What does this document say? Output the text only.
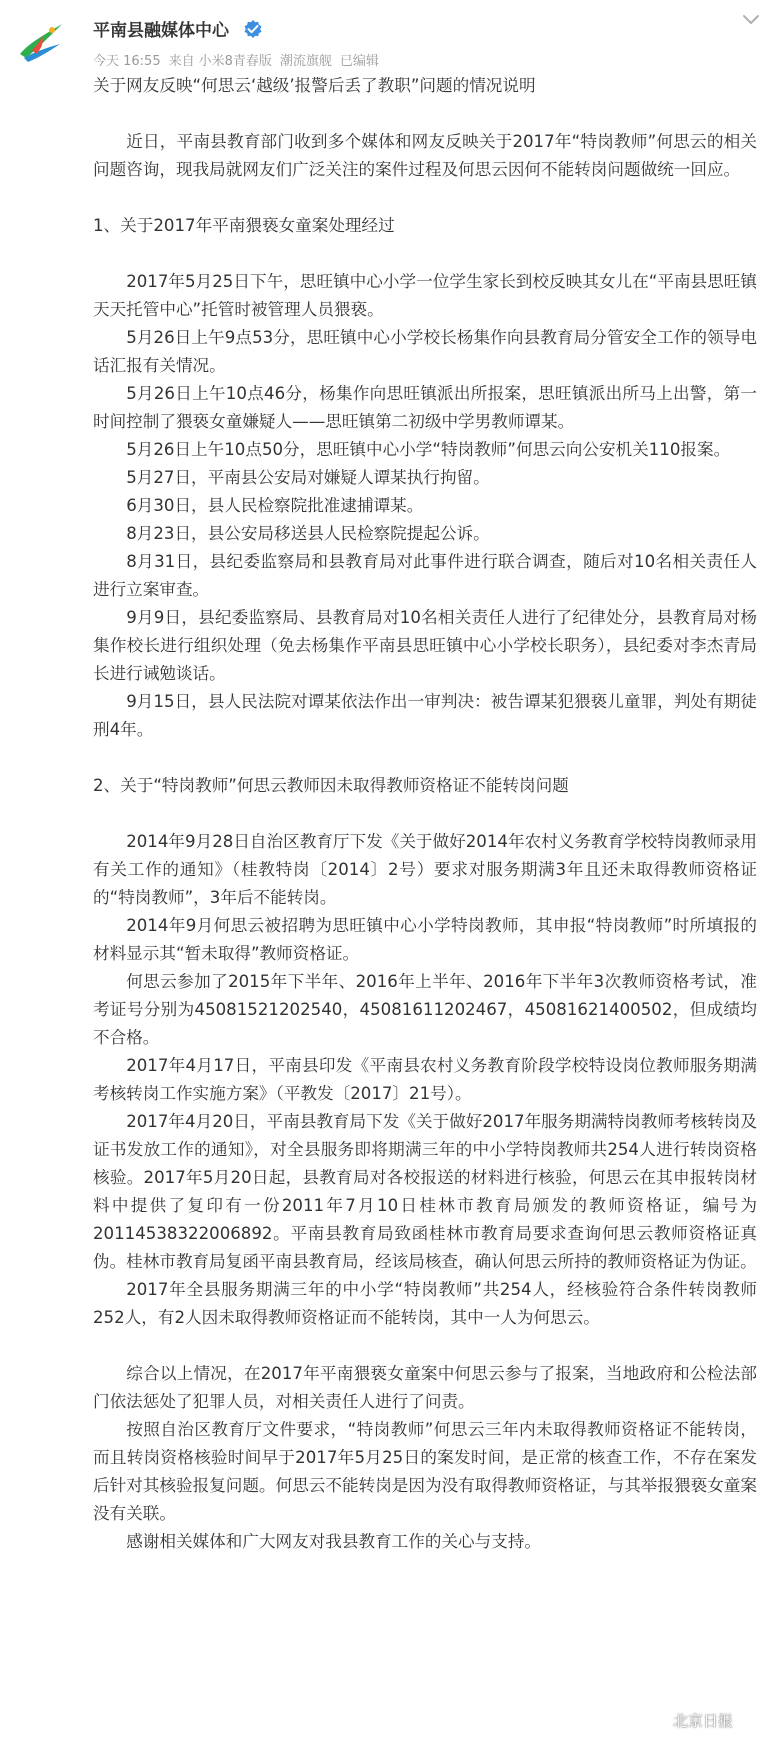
平南县融媒体中心
今天 16:55 来自 小米8青春版 潮流旗舰 已编辑

关于网友反映“何思云‘越级’报警后丢了教职”问题的情况说明

近日，平南县教育部门收到多个媒体和网友反映关于2017年“特岗教师”何思云的相关问题咨询，现我局就网友们广泛关注的案件过程及何思云因何不能转岗问题做统一回应。

1、关于2017年平南猥亵女童案处理经过

2017年5月25日下午，思旺镇中心小学一位学生家长到校反映其女儿在“平南县思旺镇天天托管中心”托管时被管理人员猥亵。

5月26日上午9点53分，思旺镇中心小学校长杨集作向县教育局分管安全工作的领导电话汇报有关情况。

5月26日上午10点46分，杨集作向思旺镇派出所报案，思旺镇派出所马上出警，第一时间控制了猥亵女童嫌疑人——思旺镇第二初级中学男教师谭某。

5月26日上午10点50分，思旺镇中心小学“特岗教师”何思云向公安机关110报案。

5月27日，平南县公安局对嫌疑人谭某执行拘留。

6月30日，县人民检察院批准逮捕谭某。

8月23日，县公安局移送县人民检察院提起公诉。

8月31日，县纪委监察局和县教育局对此事件进行联合调查，随后对10名相关责任人进行立案审查。

9月9日，县纪委监察局、县教育局对10名相关责任人进行了纪律处分，县教育局对杨集作校长进行组织处理（免去杨集作平南县思旺镇中心小学校长职务），县纪委对李杰青局长进行诫勉谈话。

9月15日，县人民法院对谭某依法作出一审判决：被告谭某犯猥亵儿童罪，判处有期徒刑4年。

2、关于“特岗教师”何思云教师因未取得教师资格证不能转岗问题

2014年9月28日自治区教育厅下发《关于做好2014年农村义务教育学校特岗教师录用有关工作的通知》（桂教特岗〔2014〕2号）要求对服务期满3年且还未取得教师资格证的“特岗教师”，3年后不能转岗。

2014年9月何思云被招聘为思旺镇中心小学特岗教师，其申报“特岗教师”时所填报的材料显示其“暂未取得”教师资格证。

何思云参加了2015年下半年、2016年上半年、2016年下半年3次教师资格考试，准考证号分别为45081521202540，45081611202467，45081621400502，但成绩均不合格。

2017年4月17日，平南县印发《平南县农村义务教育阶段学校特设岗位教师服务期满考核转岗工作实施方案》（平教发〔2017〕21号）。

2017年4月20日，平南县教育局下发《关于做好2017年服务期满特岗教师考核转岗及证书发放工作的通知》，对全县服务即将期满三年的中小学特岗教师共254人进行转岗资格核验。2017年5月20日起，县教育局对各校报送的材料进行核验，何思云在其申报转岗材料中提供了复印有一份2011年7月10日桂林市教育局颁发的教师资格证，编号为20114538322006892。平南县教育局致函桂林市教育局要求查询何思云教师资格证真伪。桂林市教育局复函平南县教育局，经该局核查，确认何思云所持的教师资格证为伪证。

2017年全县服务期满三年的中小学“特岗教师”共254人，经核验符合条件转岗教师252人，有2人因未取得教师资格证而不能转岗，其中一人为何思云。

综合以上情况，在2017年平南猥亵女童案中何思云参与了报案，当地政府和公检法部门依法惩处了犯罪人员，对相关责任人进行了问责。

按照自治区教育厅文件要求，“特岗教师”何思云三年内未取得教师资格证不能转岗，而且转岗资格核验时间早于2017年5月25日的案发时间，是正常的核查工作，不存在案发后针对其核验报复问题。何思云不能转岗是因为没有取得教师资格证，与其举报猥亵女童案没有关联。

感谢相关媒体和广大网友对我县教育工作的关心与支持。

北京日报
